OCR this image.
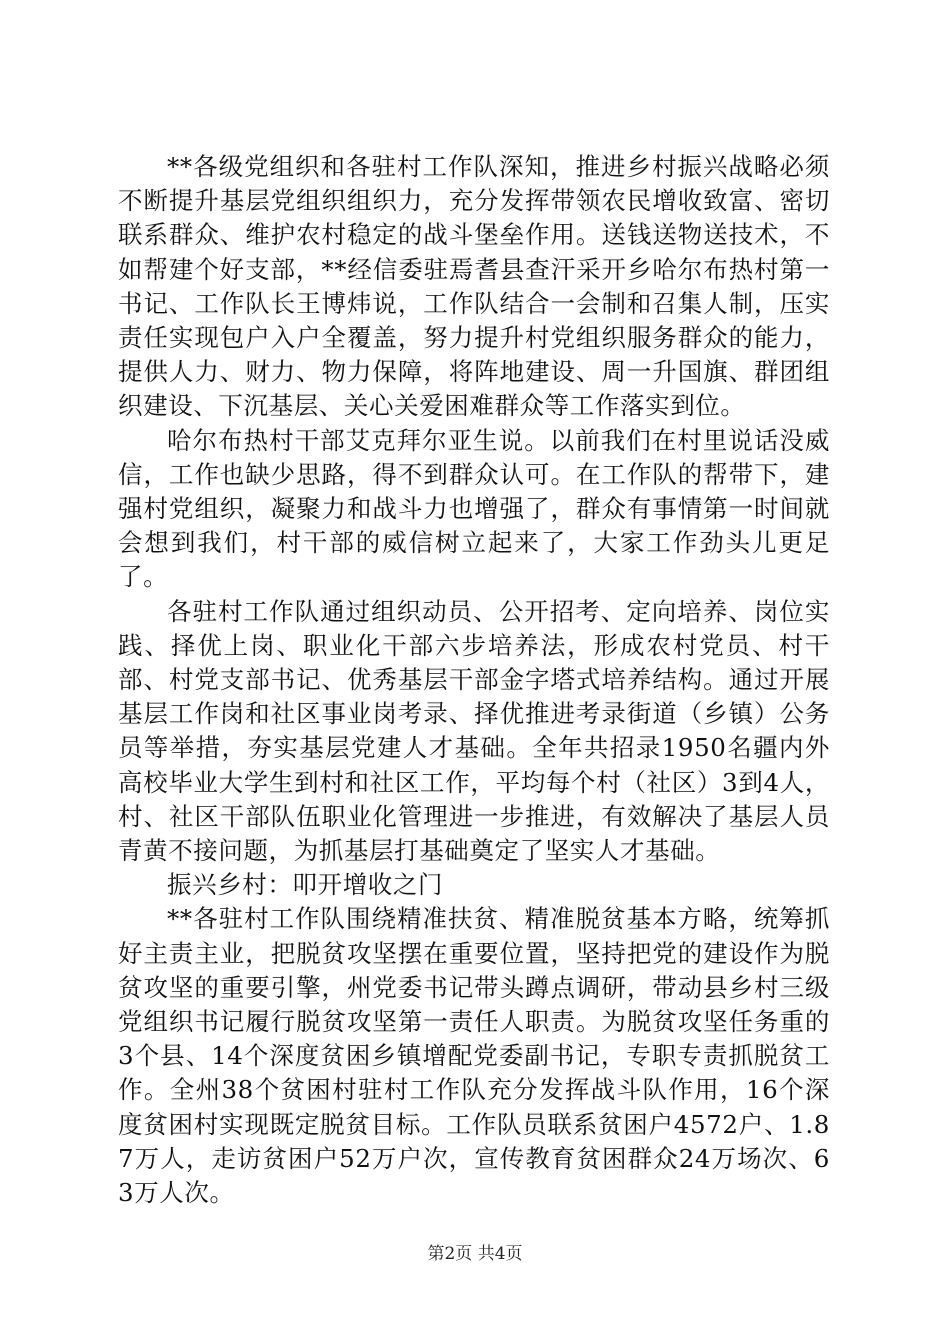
**各级党组织和各驻村工作队深知，推进乡村振兴战略必须不断提升基层党组织组织力，充分发挥带领农民增收致富、密切联系群众、维护农村稳定的战斗堡垒作用。送钱送物送技术，不如帮建个好支部，**经信委驻焉耆县查汗采开乡哈尔布热村第一书记、工作队长王博炜说，工作队结合一会制和召集人制，压实责任实现包户入户全覆盖，努力提升村党组织服务群众的能力，提供人力、财力、物力保障，将阵地建设、周一升国旗、群团组织建设、下沉基层、关心关爱困难群众等工作落实到位。

哈尔布热村干部艾克拜尔亚生说。以前我们在村里说话没威信，工作也缺少思路，得不到群众认可。在工作队的帮带下，建强村党组织，凝聚力和战斗力也增强了，群众有事情第一时间就会想到我们，村干部的威信树立起来了，大家工作劲头儿更足了。

各驻村工作队通过组织动员、公开招考、定向培养、岗位实践、择优上岗、职业化干部六步培养法，形成农村党员、村干部、村党支部书记、优秀基层干部金字塔式培养结构。通过开展基层工作岗和社区事业岗考录、择优推进考录街道（乡镇）公务员等举措，夯实基层党建人才基础。全年共招录1950名疆内外高校毕业大学生到村和社区工作，平均每个村（社区）3到4人，村、社区干部队伍职业化管理进一步推进，有效解决了基层人员青黄不接问题，为抓基层打基础奠定了坚实人才基础。

振兴乡村：叩开增收之门

**各驻村工作队围绕精准扶贫、精准脱贫基本方略，统筹抓好主责主业，把脱贫攻坚摆在重要位置，坚持把党的建设作为脱贫攻坚的重要引擎，州党委书记带头蹲点调研，带动县乡村三级党组织书记履行脱贫攻坚第一责任人职责。为脱贫攻坚任务重的3个县、14个深度贫困乡镇增配党委副书记，专职专责抓脱贫工作。全州38个贫困村驻村工作队充分发挥战斗队作用，16个深度贫困村实现既定脱贫目标。工作队员联系贫困户4572户、1.87万人，走访贫困户52万户次，宣传教育贫困群众24万场次、63万人次。

第2页 共4页
